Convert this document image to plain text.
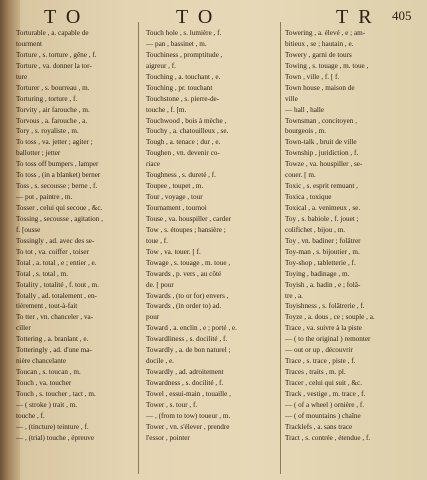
TO	TO	TR 405
Torturable , a. capable de
tourment
Torture , s. torture , gêne , f.
Torture , va. donner la tor-
ture
Torturer , s. bourreau , m.
Torturing , torture , f.
Torvity , air farouche , m.
Torvous , a. farouche , a.
Tory , s. royaliste , m.
To toss , va. jetter ; agiter ;
ballotter ; jetter
To toss off bumpers , lamper
To toss , (in a blanket) berner
Toss , s. secousse ; berne , f.
— pot , paintre , m.
Tosser , celui qui secoue , &c.
Tossing , secousse , agitation ,
f. [ousse
Tossingly , ad. avec des se-
To tot , va. coiffer , toiser
Total , a. total , e ; entier , e.
Total , s. total , m.
Totality , totalité , f. tout , m.
Totally , ad. totalement , en-
tièrement , tout-à-fait
To tter , vn. chanceler , va-
ciller
Tottering , a. branlant , e.
Totteringly , ad. d'une ma-
nière chancelante
Toucan , s. toucan , m.
Touch , va. toucher
Touch , s. toucher , tact , m.
— ( stroke ) trait , m.
touche , f.
— , (tincture) teinture , f.
— , (trial) touche , épreuve
Touch hole , s. lumière , f.
— pan , bassinet , m.
Touchiness , promptitude ,
aigreur , f.
Touching , a. touchant , e.
Touching , pr. touchant
Touchstone , s. pierre-de-
touche , f. [m.
Touchwood , bois à mèche ,
Touchy , a. chatouilleux , se.
Tough , a. tenace ; dur , e.
Toughen , vn. devenir co-
riace
Toughness , s. dureté , f.
Toupee , toupet , m.
Tour , voyage , tour
Tournament , tournoi
Touse , va. houspiller , carder
Tow , s. étoupes ; hansière ;
toue , f.
Tow , va. touer. [ f.
Towage , s. touage , m. toue ,
Towards , p. vers , au côté
de. [ pour
Towards , (to or for) envers ,
Towards , (in order to) ad.
pour
Toward , a. enclin , e ; porté , e.
Towardliness , s. docilité , f.
Towardly , a. de bon naturel ;
docile , e.
Towardly , ad. adroitement
Towardness , s. docilité , f.
Towel , essui-main , touaille ,
Tower , s. tour , f.
— , (from to tow) toueur , m.
Tower , vn. s'élever , prendre
l'essor , pointer
Towering , a. élevé , e ; am-
bitieux , se ; hautain , e.
Towery , garni de tours
Towing , s. touage , m. toue ,
Town , ville , f. [ f.
Town house , maison de
ville
— hall , halle
Townsman , concitoyen ,
bourgeois , m.
Town-talk , bruit de ville
Township , juridiction , f.
Towze , va. houspiller , se-
couer. [ m.
Toxic , s. esprit remuant ,
Toxica , toxique
Toxical , a. venimeux , se.
Toy , s. babiole , f. jouet ;
colifichet , bijou , m.
Toy , vn. badiner ; folâtrer
Toy-man , s. bijoutier , m.
Toy-shop , tabletterie , f.
Toying , badinage , m.
Toyish , a. badin , e ; folâ-
tre , a.
Toyishness , s. folâtrerie , f.
Toyze , a. dous , ce ; souple , a.
Trace , va. suivre à la piste
— ( to the original ) remonter
— out or up , découvrir
Trace , s. trace , piste , f.
Traces , traits , m. pl.
Tracer , celui qui suit , &c.
Track , vestige , m. trace , f.
— ( of a wheel ) ornière , f.
— ( of mountains ) chaîne
Tracklefs , a. sans trace
Tract , s. contrée , étendue , f.
